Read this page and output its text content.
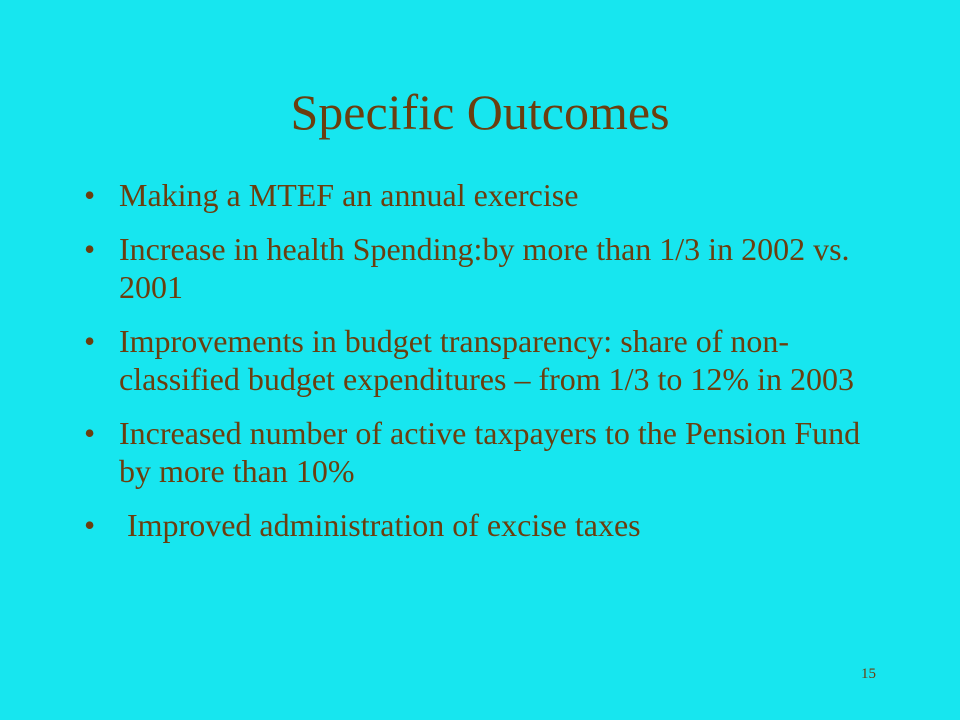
Specific Outcomes
• Making a MTEF an annual exercise
• Increase in health Spending:by more than 1/3 in 2002 vs. 2001
• Improvements in budget transparency: share of non-classified budget expenditures – from 1/3 to 12% in 2003
• Increased number of active taxpayers to the Pension Fund by more than 10%
• Improved administration of excise taxes
15
